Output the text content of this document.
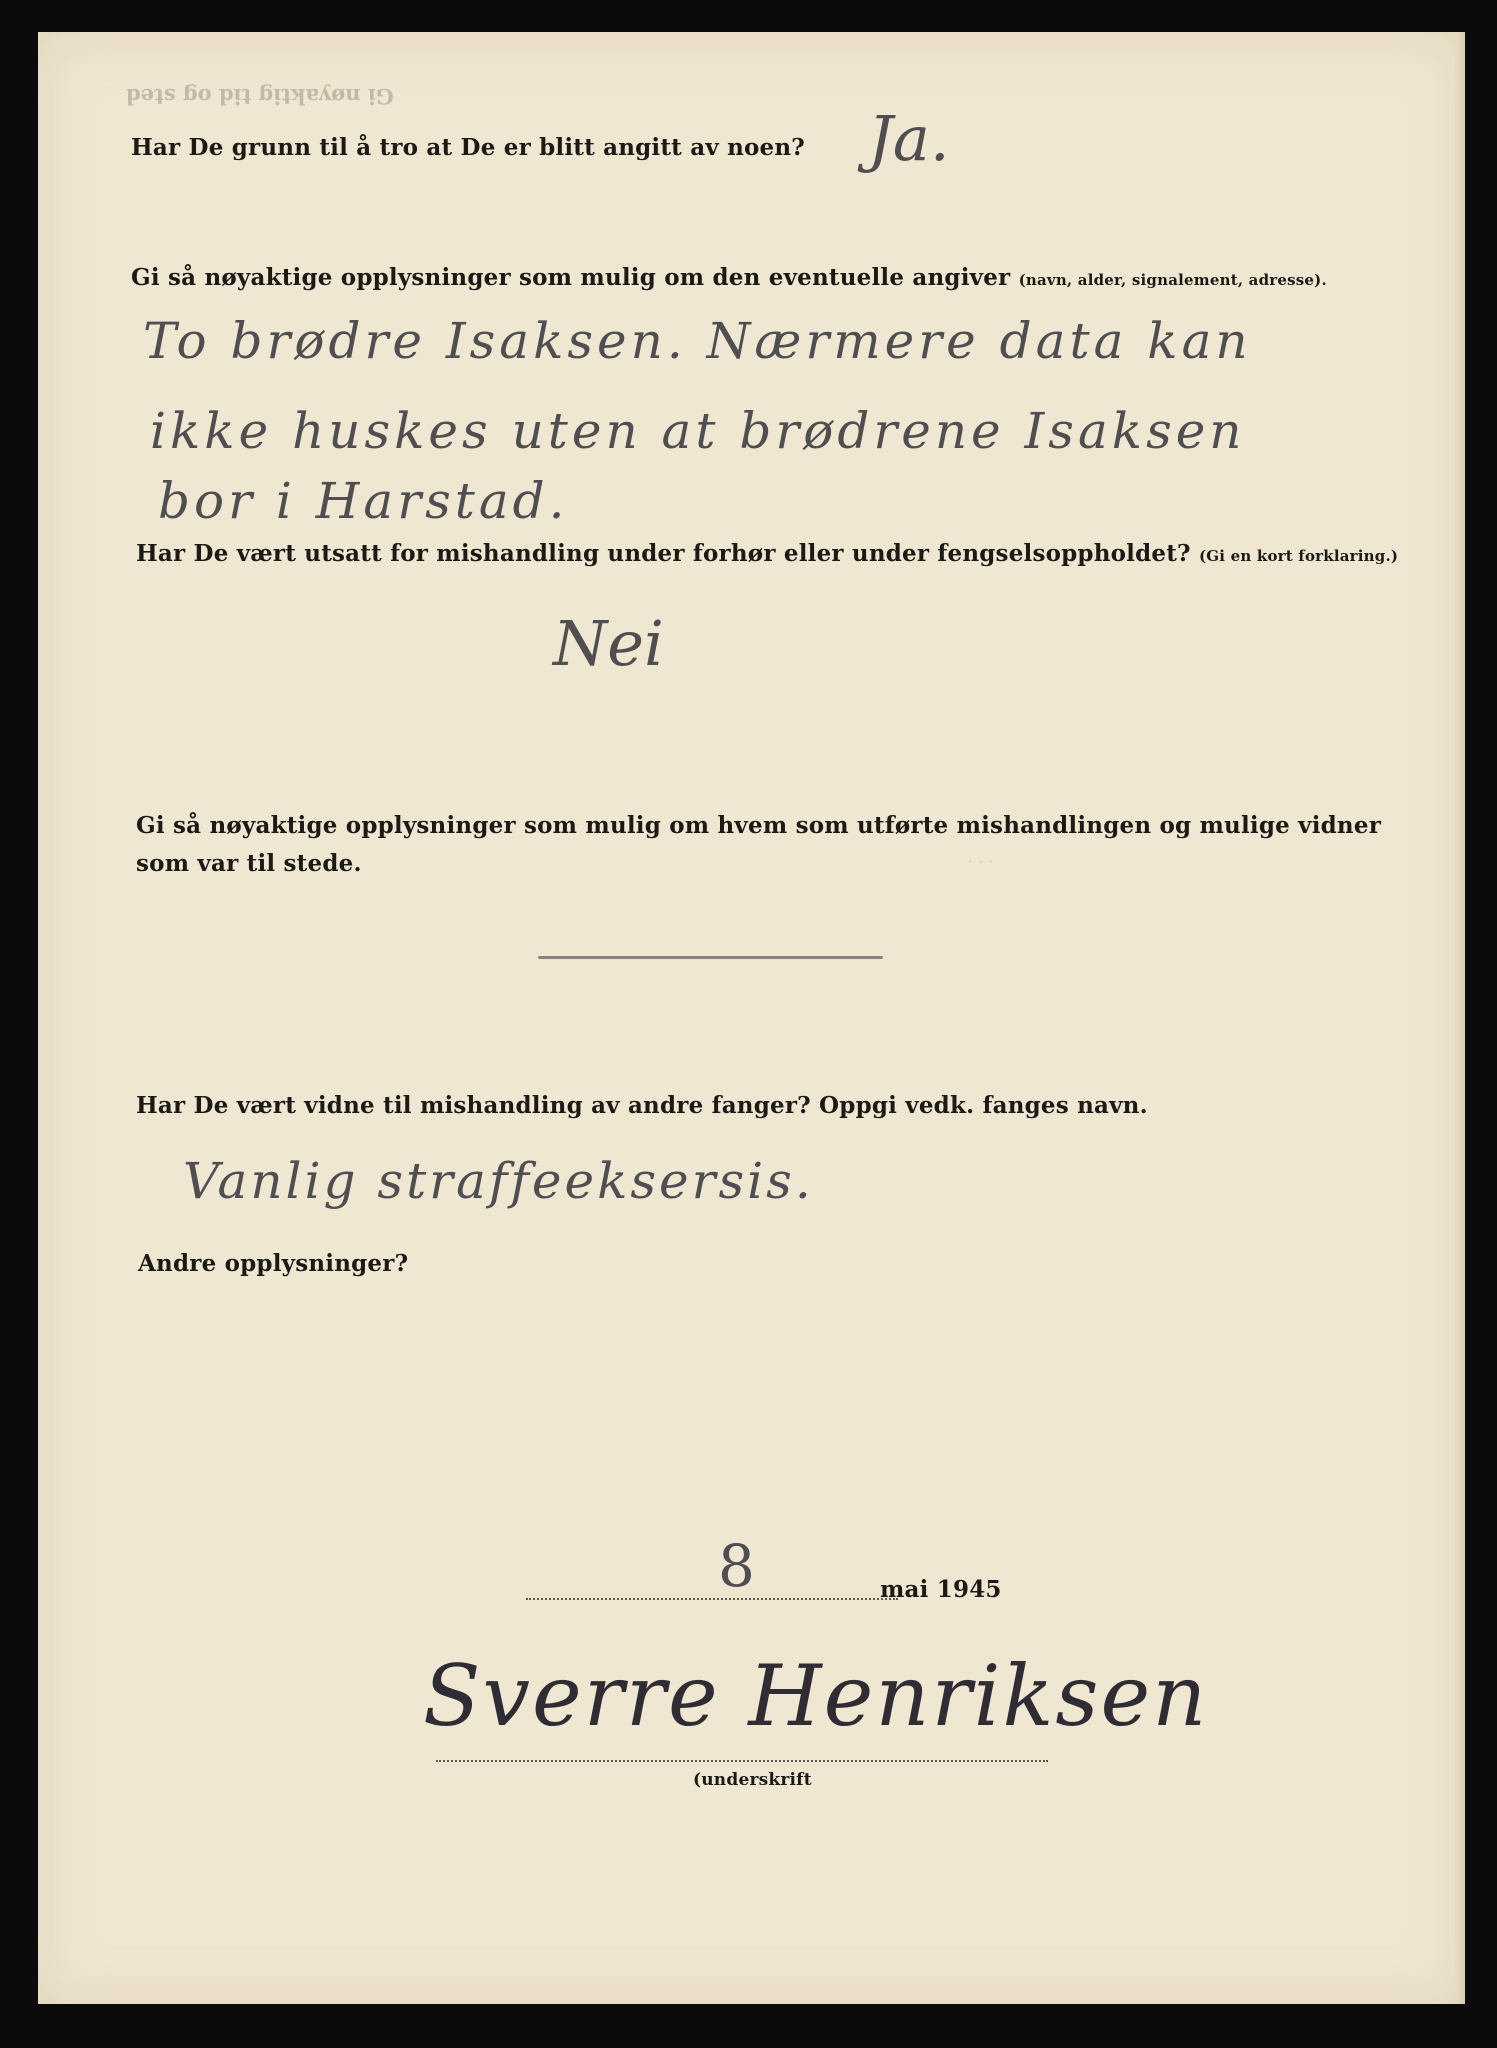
Gi nøyaktig tid og sted
· · ·
Har De grunn til å tro at De er blitt angitt av noen? Ja.
Gi så nøyaktige opplysninger som mulig om den eventuelle angiver (navn, alder, signalement, adresse).
To brødre Isaksen. Nærmere data kan
ikke huskes uten at brødrene Isaksen
bor i Harstad.
Har De vært utsatt for mishandling under forhør eller under fengselsoppholdet? (Gi en kort forklaring.)
Nei
Gi så nøyaktige opplysninger som mulig om hvem som utførte mishandlingen og mulige vidner
som var til stede.
Har De vært vidne til mishandling av andre fanger? Oppgi vedk. fanges navn.
Vanlig straffeeksersis.
Andre opplysninger?
8	mai 1945
Sverre Henriksen
(underskrift
